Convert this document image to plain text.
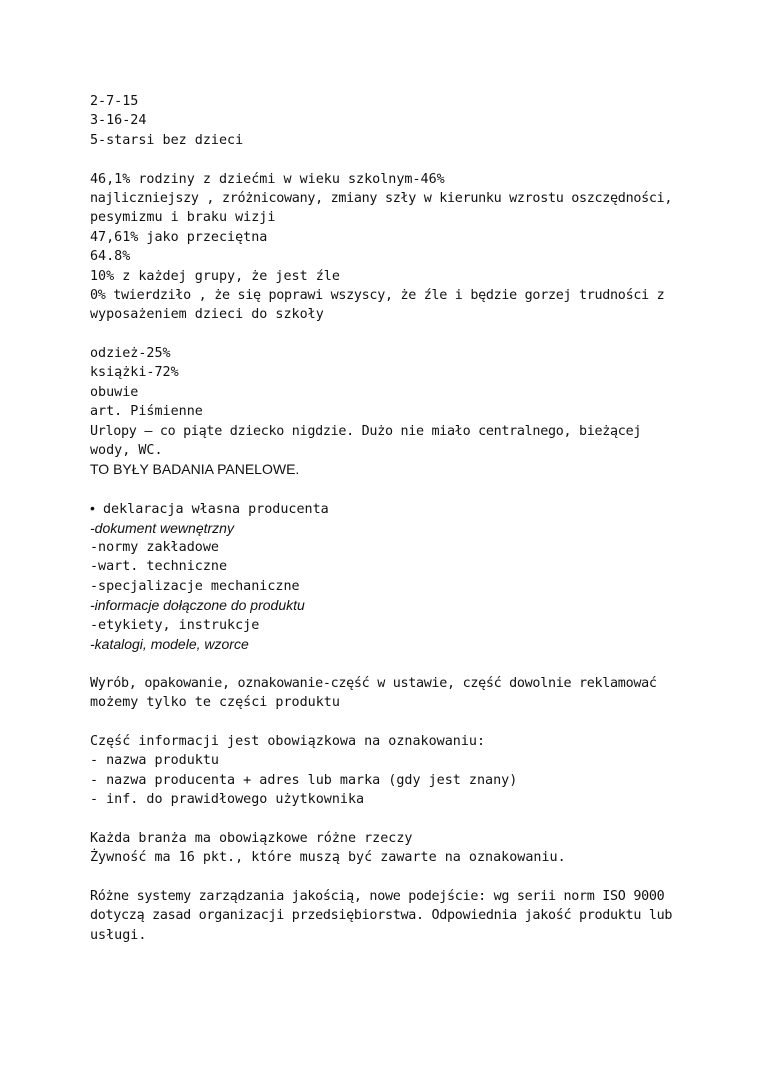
2-7-15
3-16-24
5-starsi bez dzieci
46,1% rodziny z dziećmi w wieku szkolnym-46%
najliczniejszy , zróżnicowany, zmiany szły w kierunku wzrostu oszczędności,
pesymizmu i braku wizji
47,61% jako przeciętna
64.8%
10% z każdej grupy, że jest źle
0% twierdziło , że się poprawi wszyscy, że źle i będzie gorzej trudności z
wyposażeniem dzieci do szkoły
odzież-25%
książki-72%
obuwie
art. Piśmienne
Urlopy – co piąte dziecko nigdzie. Dużo nie miało centralnego, bieżącej
wody, WC.
TO BYŁY BADANIA PANELOWE.
• deklaracja własna producenta
-dokument wewnętrzny
-normy zakładowe
-wart. techniczne
-specjalizacje mechaniczne
-informacje dołączone do produktu
-etykiety, instrukcje
-katalogi, modele, wzorce
Wyrób, opakowanie, oznakowanie-część w ustawie, część dowolnie reklamować
możemy tylko te części produktu
Część informacji jest obowiązkowa na oznakowaniu:
- nazwa produktu
- nazwa producenta + adres lub marka (gdy jest znany)
- inf. do prawidłowego użytkownika
Każda branża ma obowiązkowe różne rzeczy
Żywność ma 16 pkt., które muszą być zawarte na oznakowaniu.
Różne systemy zarządzania jakością, nowe podejście: wg serii norm ISO 9000
dotyczą zasad organizacji przedsiębiorstwa. Odpowiednia jakość produktu lub
usługi.
